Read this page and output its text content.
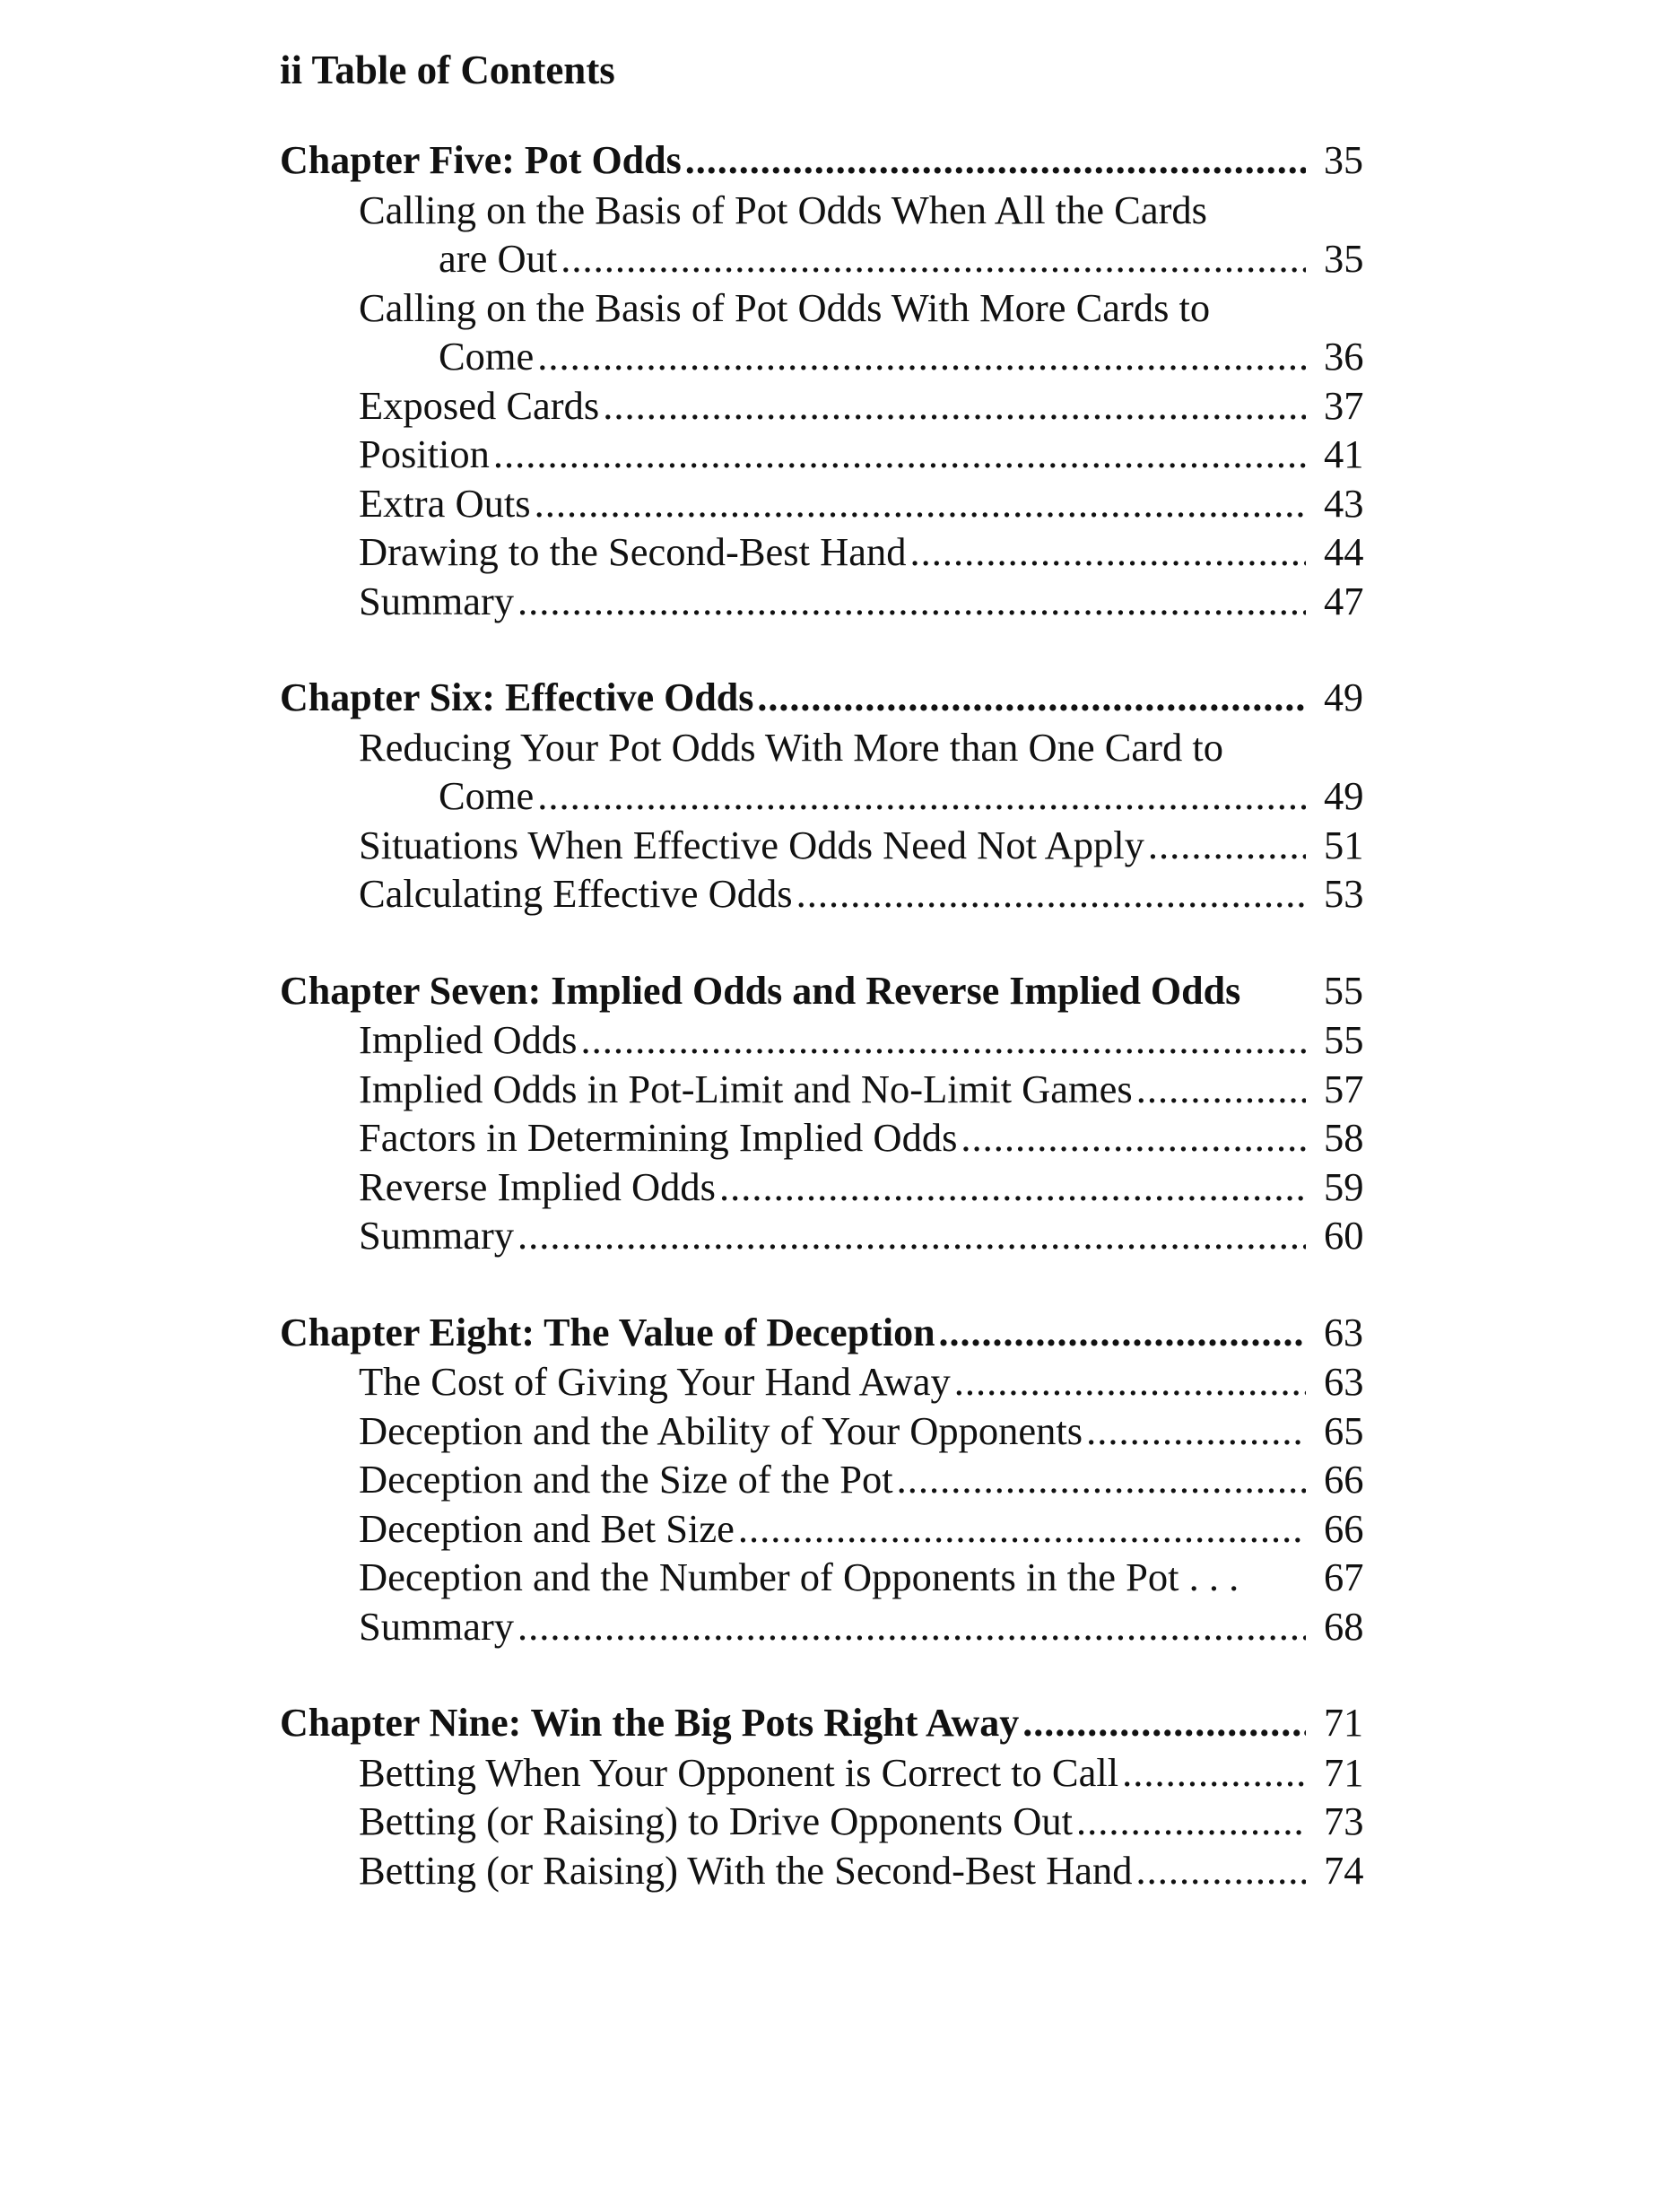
ii Table of Contents
Chapter Five: Pot Odds .....	35
Calling on the Basis of Pot Odds When All the Cards
are Out .....	35
Calling on the Basis of Pot Odds With More Cards to
Come .....	36
Exposed Cards .....	37
Position .....	41
Extra Outs .....	43
Drawing to the Second-Best Hand .....	44
Summary .....	47
Chapter Six: Effective Odds .....	49
Reducing Your Pot Odds With More than One Card to
Come .....	49
Situations When Effective Odds Need Not Apply .....	51
Calculating Effective Odds .....	53
Chapter Seven: Implied Odds and Reverse Implied Odds 55
Implied Odds .....	55
Implied Odds in Pot-Limit and No-Limit Games .....	57
Factors in Determining Implied Odds .....	58
Reverse Implied Odds .....	59
Summary .....	60
Chapter Eight: The Value of Deception .....	63
The Cost of Giving Your Hand Away .....	63
Deception and the Ability of Your Opponents .....	65
Deception and the Size of the Pot .....	66
Deception and Bet Size .....	66
Deception and the Number of Opponents in the Pot . . .	67
Summary .....	68
Chapter Nine: Win the Big Pots Right Away .....	71
Betting When Your Opponent is Correct to Call .....	71
Betting (or Raising) to Drive Opponents Out .....	73
Betting (or Raising) With the Second-Best Hand .....	74
